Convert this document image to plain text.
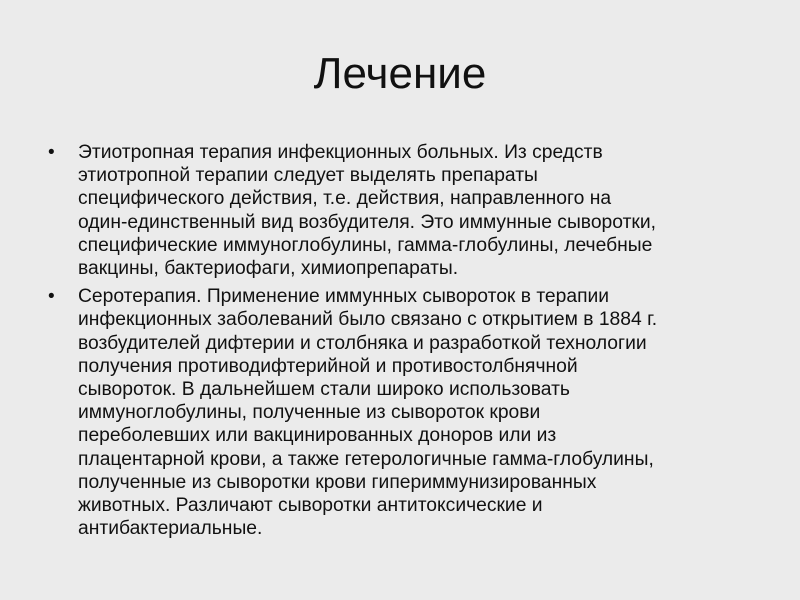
Лечение
•	Этиотропная терапия инфекционных больных. Из средств
этиотропной терапии следует выделять препараты
специфического действия, т.е. действия, направленного на
один-единственный вид возбудителя. Это иммунные сыворотки,
специфические иммуноглобулины, гамма-глобулины, лечебные
вакцины, бактериофаги, химиопрепараты.
•	Серотерапия. Применение иммунных сывороток в терапии
инфекционных заболеваний было связано с открытием в 1884 г.
возбудителей дифтерии и столбняка и разработкой технологии
получения противодифтерийной и противостолбнячной
сывороток. В дальнейшем стали широко использовать
иммуноглобулины, полученные из сывороток крови
переболевших или вакцинированных доноров или из
плацентарной крови, а также гетерологичные гамма-глобулины,
полученные из сыворотки крови гипериммунизированных
животных. Различают сыворотки антитоксические и
антибактериальные.
